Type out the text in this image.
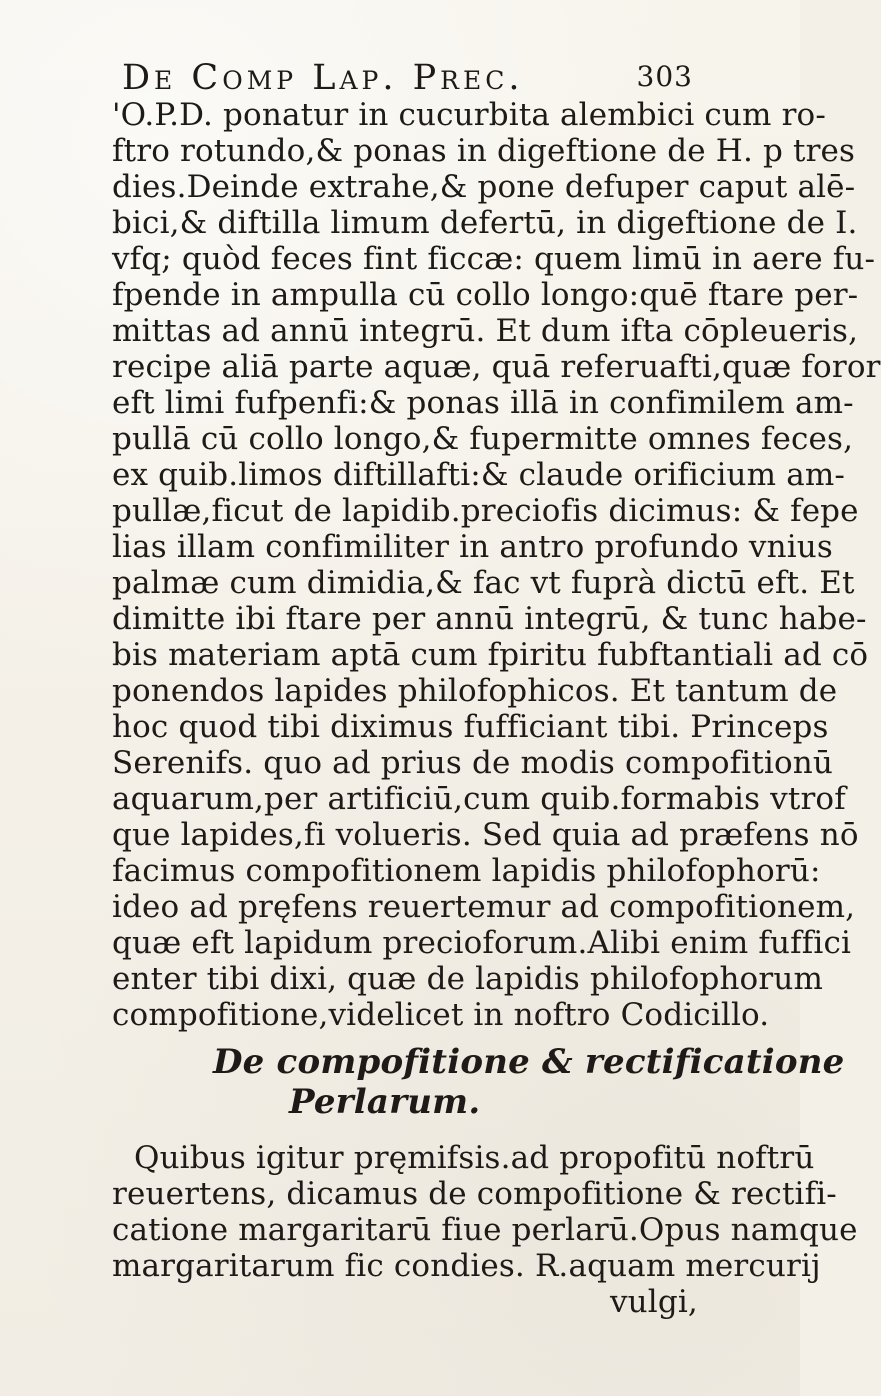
De Comp Lap. Prec.	303
'O.P.D. ponatur in cucurbita alembici cum ro-
ftro rotundo,& ponas in digeftione de H. p tres
dies.Deinde extrahe,& pone defuper caput alē-
bici,& diftilla limum defertū, in digeftione de I.
vfq; quòd feces fint ficcæ: quem limū in aere fu-
fpende in ampulla cū collo longo:quē ftare per-
mittas ad annū integrū. Et dum ifta cōpleueris,
recipe aliā parte aquæ, quā referuafti,quæ foror
eft limi fufpenfi:& ponas illā in confimilem am-
pullā cū collo longo,& fupermitte omnes feces,
ex quib.limos diftillafti:& claude orificium am-
pullæ,ficut de lapidib.preciofis dicimus: & fepe
lias illam confimiliter in antro profundo vnius
palmæ cum dimidia,& fac vt fuprà dictū eft. Et
dimitte ibi ftare per annū integrū, & tunc habe-
bis materiam aptā cum fpiritu fubftantiali ad cō
ponendos lapides philofophicos. Et tantum de
hoc quod tibi diximus fufficiant tibi. Princeps
Serenifs. quo ad prius de modis compofitionū
aquarum,per artificiū,cum quib.formabis vtrof
que lapides,fi volueris. Sed quia ad præfens nō
facimus compofitionem lapidis philofophorū:
ideo ad pręfens reuertemur ad compofitionem,
quæ eft lapidum precioforum.Alibi enim fuffici
enter tibi dixi, quæ de lapidis philofophorum
compofitione,videlicet in noftro Codicillo.
De compofitione & rectificatione
Perlarum.
Quibus igitur pręmifsis.ad propofitū noftrū
reuertens, dicamus de compofitione & rectifi-
catione margaritarū fiue perlarū.Opus namque
margaritarum fic condies. R.aquam mercurij
vulgi,
